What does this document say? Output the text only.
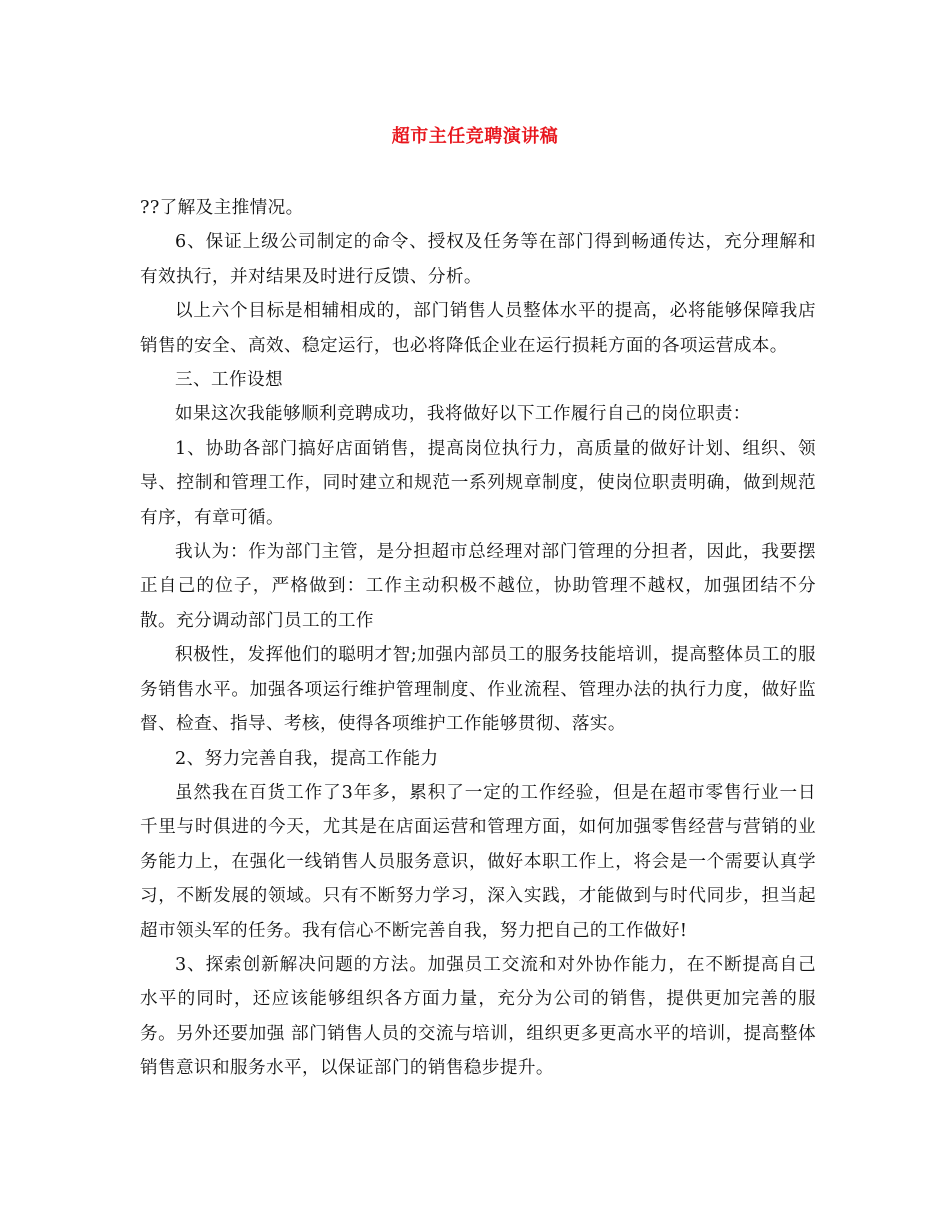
超市主任竞聘演讲稿

??了解及主推情况。

6、保证上级公司制定的命令、授权及任务等在部门得到畅通传达，充分理解和有效执行，并对结果及时进行反馈、分析。

以上六个目标是相辅相成的，部门销售人员整体水平的提高，必将能够保障我店销售的安全、高效、稳定运行，也必将降低企业在运行损耗方面的各项运营成本。

三、工作设想

如果这次我能够顺利竞聘成功，我将做好以下工作履行自己的岗位职责：

1、协助各部门搞好店面销售，提高岗位执行力，高质量的做好计划、组织、领导、控制和管理工作，同时建立和规范一系列规章制度，使岗位职责明确，做到规范有序，有章可循。

我认为：作为部门主管，是分担超市总经理对部门管理的分担者，因此，我要摆正自己的位子，严格做到：工作主动积极不越位，协助管理不越权，加强团结不分散。充分调动部门员工的工作

积极性，发挥他们的聪明才智;加强内部员工的服务技能培训，提高整体员工的服务销售水平。加强各项运行维护管理制度、作业流程、管理办法的执行力度，做好监督、检查、指导、考核，使得各项维护工作能够贯彻、落实。

2、努力完善自我，提高工作能力

虽然我在百货工作了3年多，累积了一定的工作经验，但是在超市零售行业一日千里与时俱进的今天，尤其是在店面运营和管理方面，如何加强零售经营与营销的业务能力上，在强化一线销售人员服务意识，做好本职工作上，将会是一个需要认真学习，不断发展的领域。只有不断努力学习，深入实践，才能做到与时代同步，担当起超市领头军的任务。我有信心不断完善自我，努力把自己的工作做好!

3、探索创新解决问题的方法。加强员工交流和对外协作能力，在不断提高自己水平的同时，还应该能够组织各方面力量，充分为公司的销售，提供更加完善的服务。另外还要加强 部门销售人员的交流与培训，组织更多更高水平的培训，提高整体销售意识和服务水平，以保证部门的销售稳步提升。
